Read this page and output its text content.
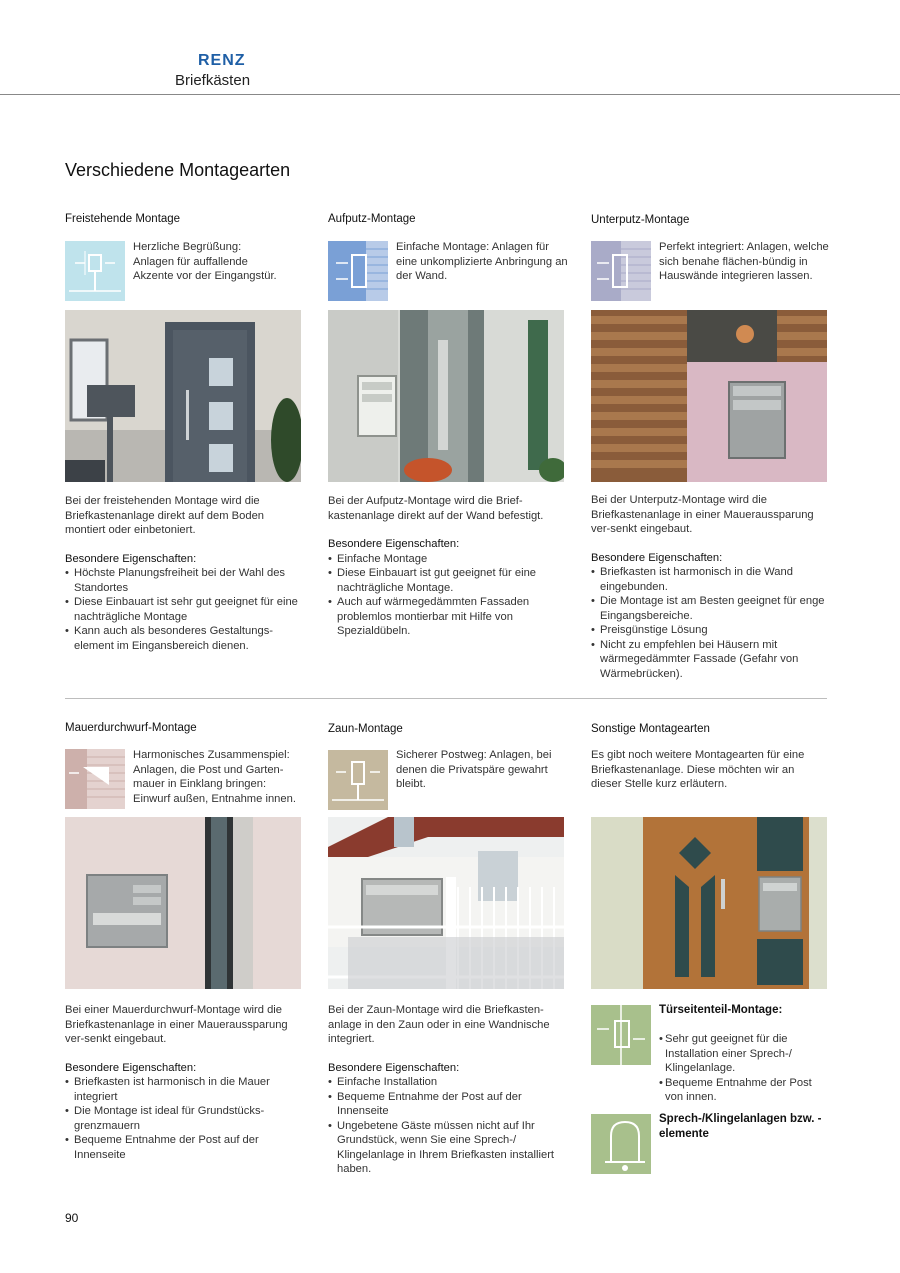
RENZ
Briefkästen
Verschiedene Montagearten
Freistehende Montage
Herzliche Begrüßung: Anlagen für auffallende Akzente vor der Eingangstür.

Bei der freistehenden Montage wird die Briefkastenanlage direkt auf dem Boden montiert oder einbetoniert.

Besondere Eigenschaften:
• Höchste Planungsfreiheit bei der Wahl des Standortes
• Diese Einbauart ist sehr gut geeignet für eine nachträgliche Montage
• Kann auch als besonderes Gestaltungs-element im Eingansbereich dienen.
Aufputz-Montage
Einfache Montage: Anlagen für eine unkomplizierte Anbringung an der Wand.

Bei der Aufputz-Montage wird die Brief-kastenanlage direkt auf der Wand befestigt.

Besondere Eigenschaften:
• Einfache Montage
• Diese Einbauart ist gut geeignet für eine nachträgliche Montage.
• Auch auf wärmegedämmten Fassaden problemlos montierbar mit Hilfe von Spezialdübeln.
Unterputz-Montage
Perfekt integriert: Anlagen, welche sich benahe flächen-bündig in Hauswände integrieren lassen.

Bei der Unterputz-Montage wird die Briefkastenanlage in einer Maueraussparung ver-senkt eingebaut.

Besondere Eigenschaften:
• Briefkasten ist harmonisch in die Wand eingebunden.
• Die Montage ist am Besten geeignet für enge Eingangsbereiche.
• Preisgünstige Lösung
• Nicht zu empfehlen bei Häusern mit wärmegedämmter Fassade (Gefahr von Wärmebrücken).
Mauerdurchwurf-Montage
Harmonisches Zusammenspiel: Anlagen, die Post und Garten-mauer in Einklang bringen: Einwurf außen, Entnahme innen.

Bei einer Mauerdurchwurf-Montage wird die Briefkastenanlage in einer Maueraussparung ver-senkt eingebaut.

Besondere Eigenschaften:
• Briefkasten ist harmonisch in die Mauer integriert
• Die Montage ist ideal für Grundstücks-grenzmauern
• Bequeme Entnahme der Post auf der Innenseite
Zaun-Montage
Sicherer Postweg: Anlagen, bei denen die Privatspäre gewahrt bleibt.

Bei der Zaun-Montage wird die Briefkasten-anlage in den Zaun oder in eine Wandnische integriert.

Besondere Eigenschaften:
• Einfache Installation
• Bequeme Entnahme der Post auf der Innenseite
• Ungebetene Gäste müssen nicht auf Ihr Grundstück, wenn Sie eine Sprech-/ Klingelanlage in Ihrem Briefkasten installiert haben.
Sonstige Montagearten
Es gibt noch weitere Montagearten für eine Briefkastenanlage. Diese möchten wir an dieser Stelle kurz erläutern.
Türseitenteil-Montage:
• Sehr gut geeignet für die Installation einer Sprech-/ Klingelanlage.
• Bequeme Entnahme der Post von innen.
Sprech-/Klingelanlagen bzw. -elemente
90
